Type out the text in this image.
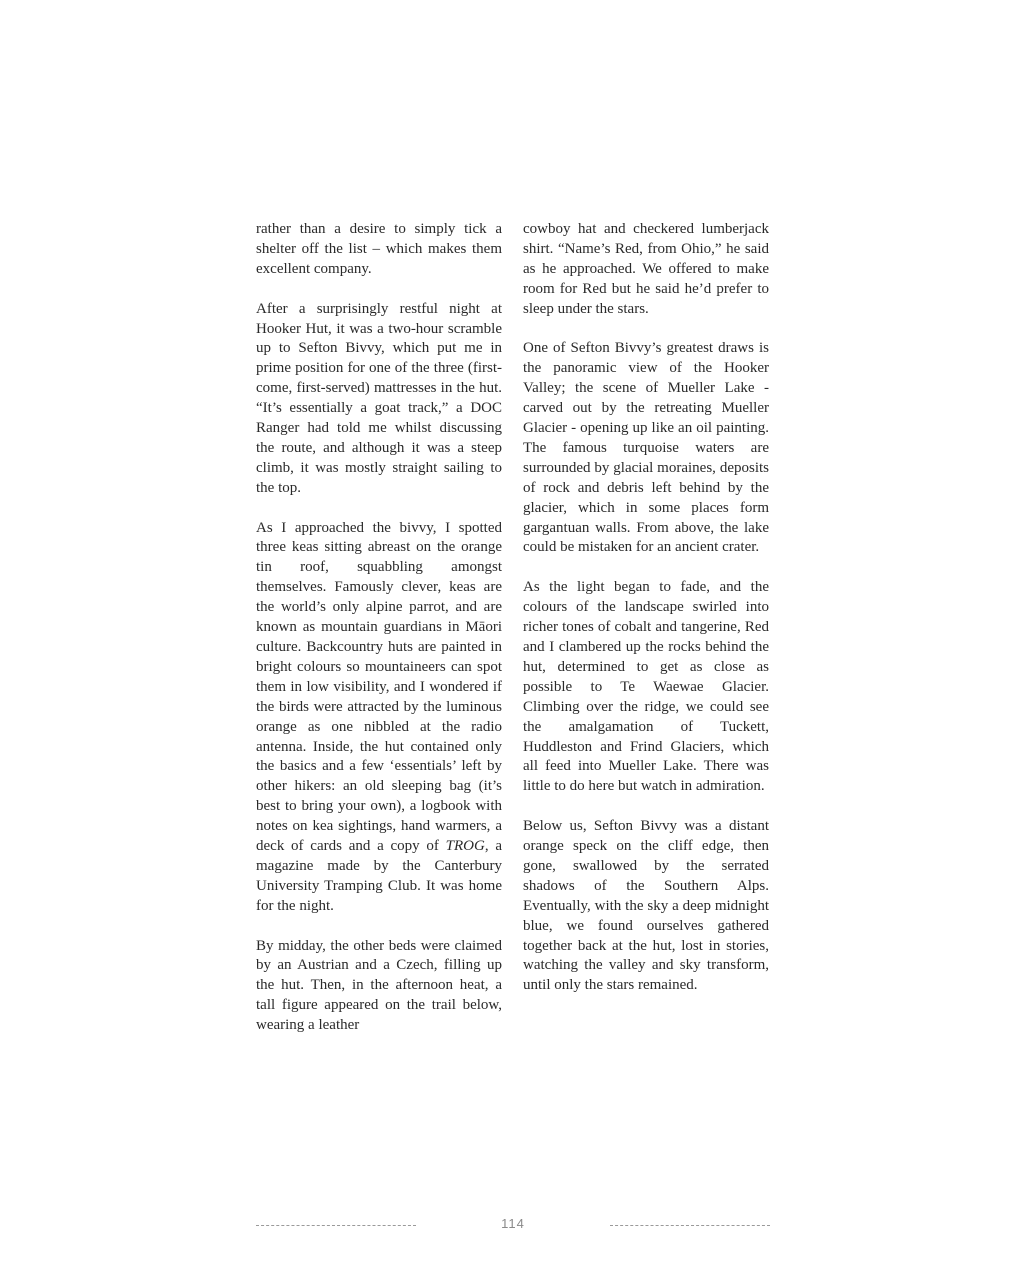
rather than a desire to simply tick a shelter off the list – which makes them excellent company.

After a surprisingly restful night at Hooker Hut, it was a two-hour scramble up to Sefton Bivvy, which put me in prime position for one of the three (first-come, first-served) mattresses in the hut. “It’s essentially a goat track,” a DOC Ranger had told me whilst discussing the route, and although it was a steep climb, it was mostly straight sailing to the top.

As I approached the bivvy, I spotted three keas sitting abreast on the orange tin roof, squabbling amongst themselves. Famously clever, keas are the world’s only alpine parrot, and are known as mountain guardians in Māori culture. Backcountry huts are painted in bright colours so mountaineers can spot them in low visibility, and I wondered if the birds were attracted by the luminous orange as one nibbled at the radio antenna. Inside, the hut contained only the basics and a few ‘essentials’ left by other hikers: an old sleeping bag (it’s best to bring your own), a logbook with notes on kea sightings, hand warmers, a deck of cards and a copy of TROG, a magazine made by the Canterbury University Tramping Club. It was home for the night.

By midday, the other beds were claimed by an Austrian and a Czech, filling up the hut. Then, in the afternoon heat, a tall figure appeared on the trail below, wearing a leather

cowboy hat and checkered lumberjack shirt. “Name’s Red, from Ohio,” he said as he approached. We offered to make room for Red but he said he’d prefer to sleep under the stars.

One of Sefton Bivvy’s greatest draws is the panoramic view of the Hooker Valley; the scene of Mueller Lake - carved out by the retreating Mueller Glacier - opening up like an oil painting. The famous turquoise waters are surrounded by glacial moraines, deposits of rock and debris left behind by the glacier, which in some places form gargantuan walls. From above, the lake could be mistaken for an ancient crater.

As the light began to fade, and the colours of the landscape swirled into richer tones of cobalt and tangerine, Red and I clambered up the rocks behind the hut, determined to get as close as possible to Te Waewae Glacier. Climbing over the ridge, we could see the amalgamation of Tuckett, Huddleston and Frind Glaciers, which all feed into Mueller Lake. There was little to do here but watch in admiration.

Below us, Sefton Bivvy was a distant orange speck on the cliff edge, then gone, swallowed by the serrated shadows of the Southern Alps. Eventually, with the sky a deep midnight blue, we found ourselves gathered together back at the hut, lost in stories, watching the valley and sky transform, until only the stars remained.

114
